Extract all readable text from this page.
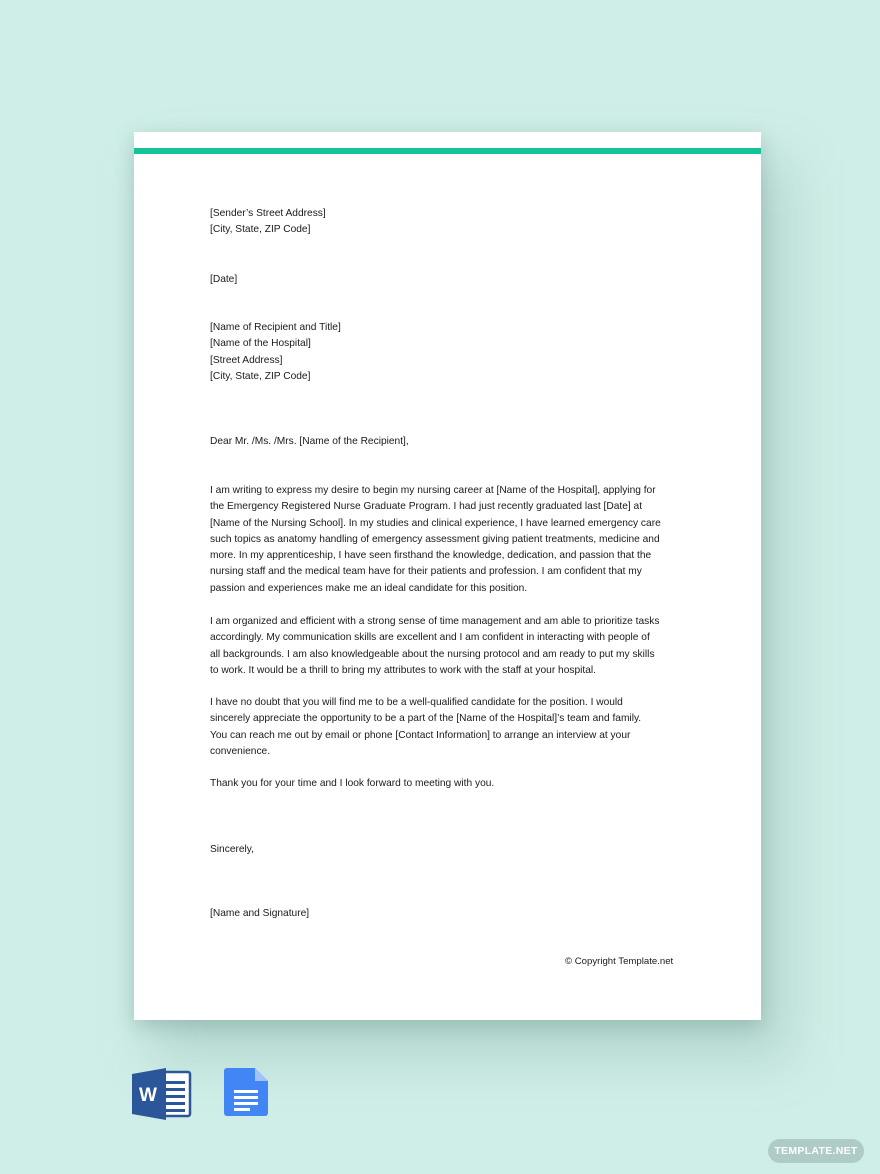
[Sender’s Street Address]
[City, State, ZIP Code]
[Date]
[Name of Recipient and Title]
[Name of the Hospital]
[Street Address]
[City, State, ZIP Code]
Dear Mr. /Ms. /Mrs. [Name of the Recipient],
I am writing to express my desire to begin my nursing career at [Name of the Hospital], applying for
the Emergency Registered Nurse Graduate Program. I had just recently graduated last [Date] at
[Name of the Nursing School]. In my studies and clinical experience, I have learned emergency care
such topics as anatomy handling of emergency assessment giving patient treatments, medicine and
more. In my apprenticeship, I have seen firsthand the knowledge, dedication, and passion that the
nursing staff and the medical team have for their patients and profession. I am confident that my
passion and experiences make me an ideal candidate for this position.
I am organized and efficient with a strong sense of time management and am able to prioritize tasks
accordingly. My communication skills are excellent and I am confident in interacting with people of
all backgrounds. I am also knowledgeable about the nursing protocol and am ready to put my skills
to work. It would be a thrill to bring my attributes to work with the staff at your hospital.
I have no doubt that you will find me to be a well-qualified candidate for the position. I would
sincerely appreciate the opportunity to be a part of the [Name of the Hospital]’s team and family.
You can reach me out by email or phone [Contact Information] to arrange an interview at your
convenience.
Thank you for your time and I look forward to meeting with you.
Sincerely,
[Name and Signature]
© Copyright Template.net
W
TEMPLATE.NET
